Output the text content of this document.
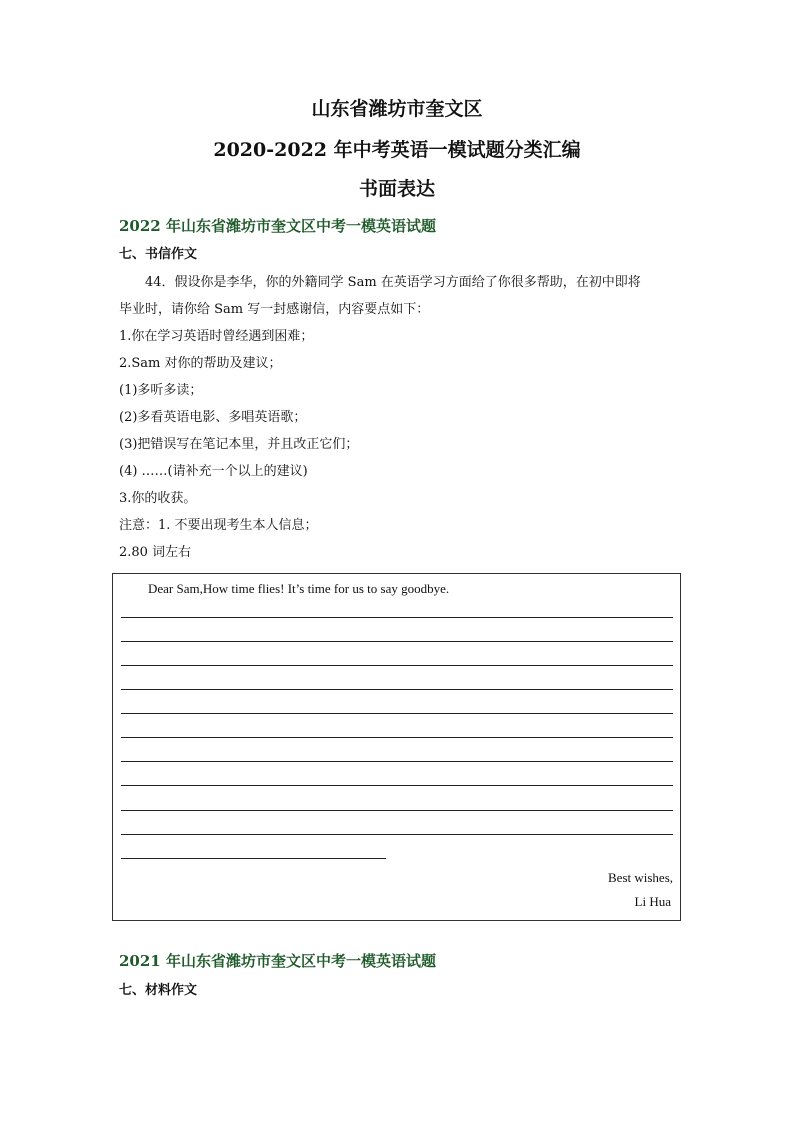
山东省潍坊市奎文区
2020-2022 年中考英语一模试题分类汇编
书面表达
2022 年山东省潍坊市奎文区中考一模英语试题
七、书信作文
44．假设你是李华，你的外籍同学 Sam 在英语学习方面给了你很多帮助，在初中即将
毕业时，请你给 Sam 写一封感谢信，内容要点如下：
1.你在学习英语时曾经遇到困难；
2.Sam 对你的帮助及建议；
(1)多听多读；
(2)多看英语电影、多唱英语歌；
(3)把错误写在笔记本里，并且改正它们；
(4) ……(请补充一个以上的建议)
3.你的收获。
注意：1. 不要出现考生本人信息；
2.80 词左右
Dear Sam,How time flies! It’s time for us to say goodbye.
Best wishes,
Li Hua
2021 年山东省潍坊市奎文区中考一模英语试题
七、材料作文
